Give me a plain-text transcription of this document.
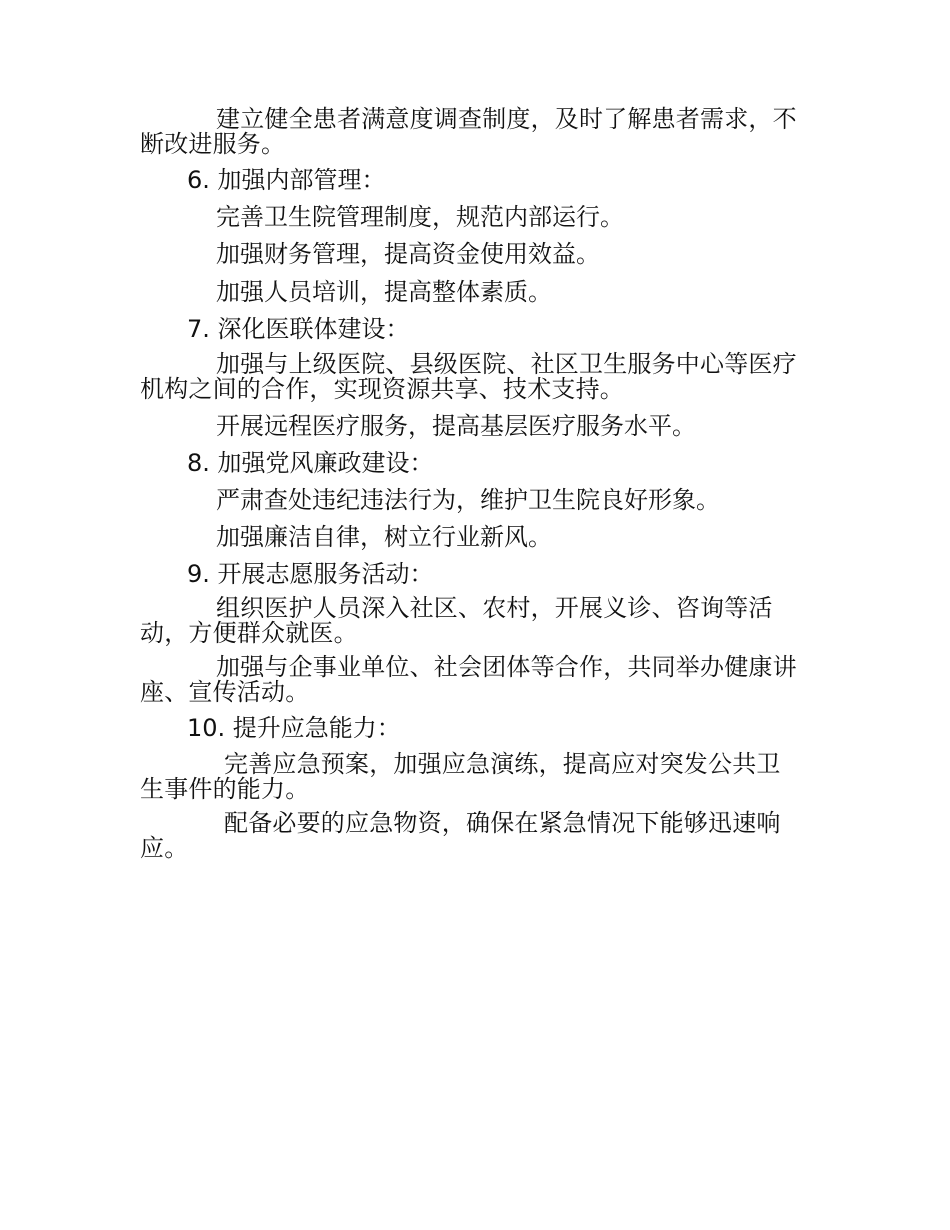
建立健全患者满意度调查制度，及时了解患者需求，不断改进服务。
6. 加强内部管理：
完善卫生院管理制度，规范内部运行。
加强财务管理，提高资金使用效益。
加强人员培训，提高整体素质。
7. 深化医联体建设：
加强与上级医院、县级医院、社区卫生服务中心等医疗机构之间的合作，实现资源共享、技术支持。
开展远程医疗服务，提高基层医疗服务水平。
8. 加强党风廉政建设：
严肃查处违纪违法行为，维护卫生院良好形象。
加强廉洁自律，树立行业新风。
9. 开展志愿服务活动：
组织医护人员深入社区、农村，开展义诊、咨询等活动，方便群众就医。
加强与企事业单位、社会团体等合作，共同举办健康讲座、宣传活动。
10. 提升应急能力：
完善应急预案，加强应急演练，提高应对突发公共卫生事件的能力。
配备必要的应急物资，确保在紧急情况下能够迅速响应。
